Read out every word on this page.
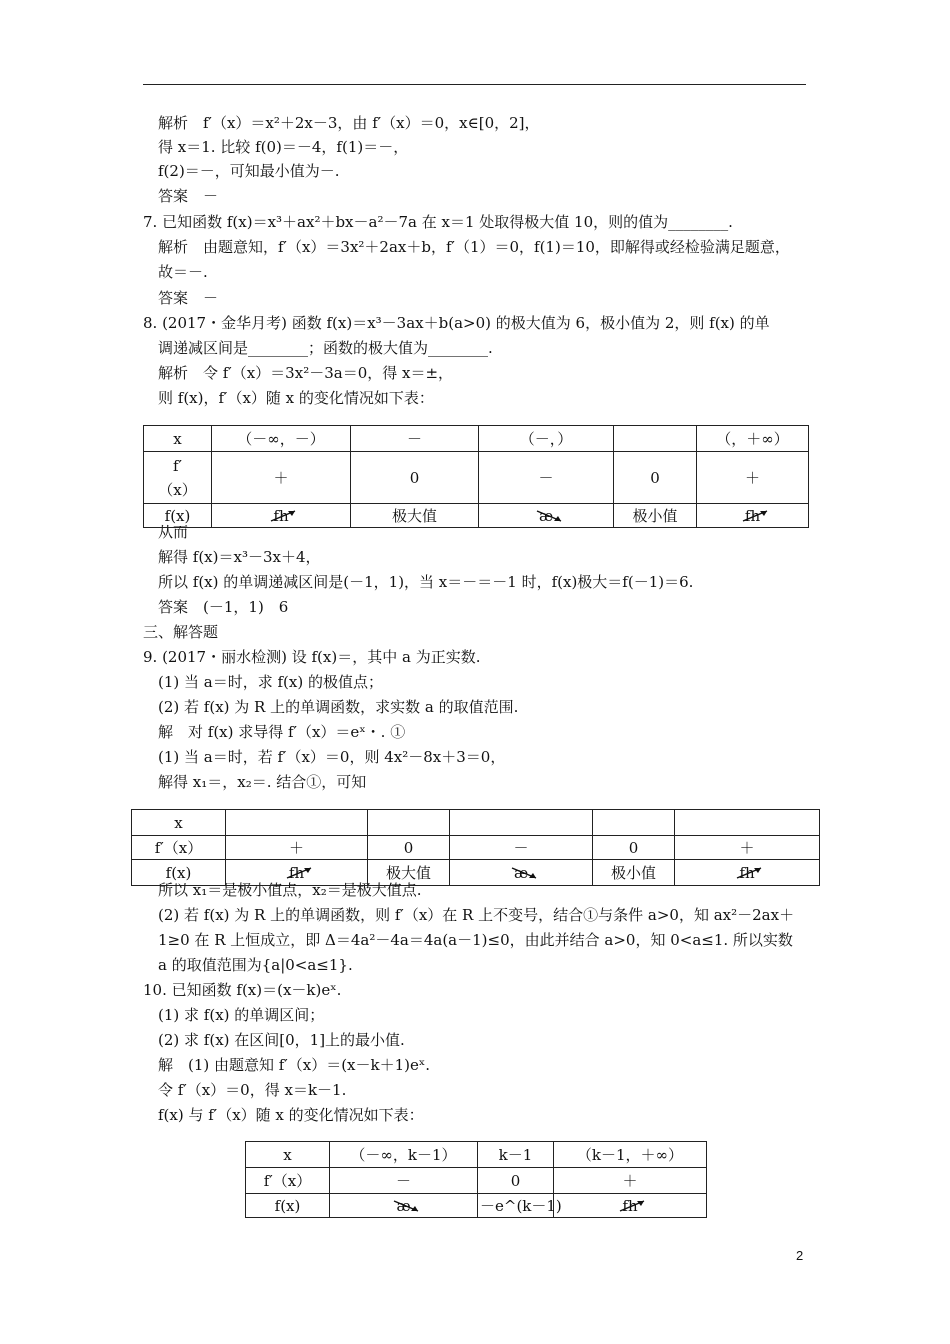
解析　f′（x）＝x²＋2x－3，由 f′（x）＝0，x∈[0，2]，
得 x＝1. 比较 f(0)＝－4，f(1)＝－，
f(2)＝－，可知最小值为－.
答案　－
7. 已知函数 f(x)＝x³＋ax²＋bx－a²－7a 在 x＝1 处取得极大值 10，则的值为________.
解析　由题意知，f′（x）＝3x²＋2ax＋b，f′（1）＝0，f(1)＝10，即解得或经检验满足题意，
故＝－.
答案　－
8. (2017・金华月考) 函数 f(x)＝x³－3ax＋b(a>0) 的极大值为 6，极小值为 2，则 f(x) 的单
调递减区间是________；函数的极大值为________.
解析　令 f′（x）＝3x²－3a＝0，得 x＝±，
则 f(x)，f′（x）随 x 的变化情况如下表：
从而
解得 f(x)＝x³－3x＋4，
所以 f(x) 的单调递减区间是(－1，1)，当 x＝－＝－1 时，f(x)极大＝f(－1)＝6.
答案　(－1，1)　6
三、解答题
9. (2017・丽水检测) 设 f(x)＝，其中 a 为正实数.
(1) 当 a＝时，求 f(x) 的极值点；
(2) 若 f(x) 为 R 上的单调函数，求实数 a 的取值范围.
解　对 f(x) 求导得 f′（x）＝eˣ・. ①
(1) 当 a＝时，若 f′（x）＝0，则 4x²－8x＋3＝0，
解得 x₁＝，x₂＝. 结合①，可知
所以 x₁＝是极小值点，x₂＝是极大值点.
(2) 若 f(x) 为 R 上的单调函数，则 f′（x）在 R 上不变号，结合①与条件 a>0，知 ax²－2ax＋
1≥0 在 R 上恒成立，即 Δ＝4a²－4a＝4a(a－1)≤0，由此并结合 a>0，知 0<a≤1. 所以实数
a 的取值范围为{a|0<a≤1}.
10. 已知函数 f(x)＝(x－k)eˣ.
(1) 求 f(x) 的单调区间；
(2) 求 f(x) 在区间[0，1]上的最小值.
解　(1) 由题意知 f′（x）＝(x－k＋1)eˣ.
令 f′（x）＝0，得 x＝k－1.
f(x) 与 f′（x）随 x 的变化情况如下表：
x	（－∞，－）	－	（－，）		（，＋∞）
f′
（x）	＋	0	－	0	＋
f(x)	fh	极大值	æ	极小值	fh
x					
f′（x）	＋	0	－	0	＋
f(x)	fh	极大值	æ	极小值	fh
x	（－∞，k－1）	k－1	（k－1，＋∞）
f′（x）	－	0	＋
f(x)	æ	－e^(k－1)	fh
2
